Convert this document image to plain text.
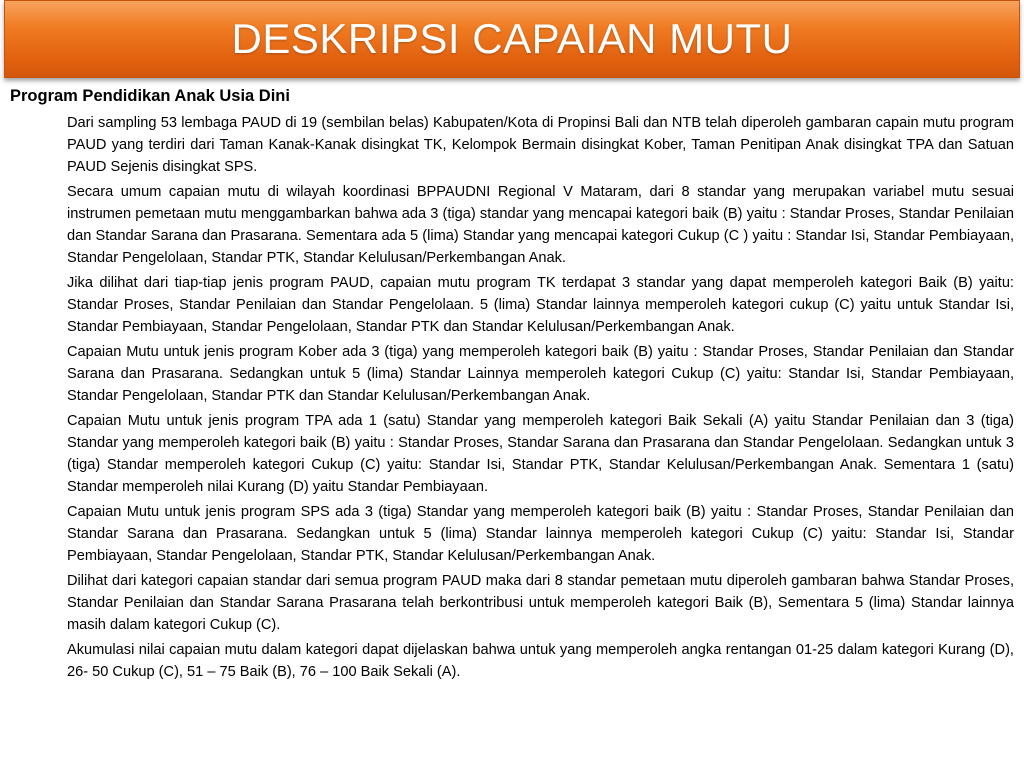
DESKRIPSI CAPAIAN MUTU
Program Pendidikan Anak Usia Dini

Dari sampling 53 lembaga PAUD di 19 (sembilan belas) Kabupaten/Kota di Propinsi Bali dan NTB telah diperoleh gambaran capain mutu program PAUD yang terdiri dari Taman Kanak-Kanak disingkat TK, Kelompok Bermain disingkat Kober, Taman Penitipan Anak disingkat TPA dan Satuan PAUD Sejenis disingkat SPS.

Secara umum capaian mutu di wilayah koordinasi BPPAUDNI Regional V Mataram, dari 8 standar yang merupakan variabel mutu sesuai instrumen pemetaan mutu menggambarkan bahwa ada 3 (tiga) standar yang mencapai kategori baik (B) yaitu : Standar Proses, Standar Penilaian dan Standar Sarana dan Prasarana. Sementara ada 5 (lima) Standar yang mencapai kategori Cukup (C ) yaitu : Standar Isi, Standar Pembiayaan, Standar Pengelolaan, Standar PTK, Standar Kelulusan/Perkembangan Anak.

Jika dilihat dari tiap-tiap jenis program PAUD, capaian mutu program TK terdapat 3 standar yang dapat memperoleh kategori Baik (B) yaitu: Standar Proses, Standar Penilaian dan Standar Pengelolaan. 5 (lima) Standar lainnya memperoleh kategori cukup (C) yaitu untuk Standar Isi, Standar Pembiayaan, Standar Pengelolaan, Standar PTK dan Standar Kelulusan/Perkembangan Anak.

Capaian Mutu untuk jenis program Kober ada 3 (tiga) yang memperoleh kategori baik (B) yaitu : Standar Proses, Standar Penilaian dan Standar Sarana dan Prasarana. Sedangkan untuk 5 (lima) Standar Lainnya memperoleh kategori Cukup (C) yaitu: Standar Isi, Standar Pembiayaan, Standar Pengelolaan, Standar PTK dan Standar Kelulusan/Perkembangan Anak.

Capaian Mutu untuk jenis program TPA ada 1 (satu) Standar yang memperoleh kategori Baik Sekali (A) yaitu Standar Penilaian dan 3 (tiga) Standar yang memperoleh kategori baik (B) yaitu : Standar Proses, Standar Sarana dan Prasarana dan Standar Pengelolaan. Sedangkan untuk 3 (tiga) Standar memperoleh kategori Cukup (C) yaitu: Standar Isi, Standar PTK, Standar Kelulusan/Perkembangan Anak. Sementara 1 (satu) Standar memperoleh nilai Kurang (D) yaitu Standar Pembiayaan.

Capaian Mutu untuk jenis program SPS ada 3 (tiga) Standar yang memperoleh kategori baik (B) yaitu : Standar Proses, Standar Penilaian dan Standar Sarana dan Prasarana. Sedangkan untuk 5 (lima) Standar lainnya memperoleh kategori Cukup (C) yaitu: Standar Isi, Standar Pembiayaan, Standar Pengelolaan, Standar PTK, Standar Kelulusan/Perkembangan Anak.

Dilihat dari kategori capaian standar dari semua program PAUD maka dari 8 standar pemetaan mutu diperoleh gambaran bahwa Standar Proses, Standar Penilaian dan Standar Sarana Prasarana telah berkontribusi untuk memperoleh kategori Baik (B), Sementara 5 (lima) Standar lainnya masih dalam kategori Cukup (C).

Akumulasi nilai capaian mutu dalam kategori dapat dijelaskan bahwa untuk yang memperoleh angka rentangan 01-25 dalam kategori Kurang (D), 26- 50 Cukup (C), 51 – 75 Baik (B), 76 – 100 Baik Sekali (A).
